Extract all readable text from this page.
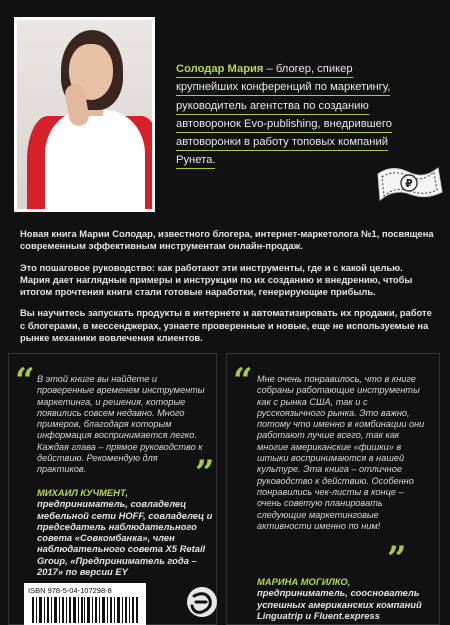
Солодар Мария – блогер, спикер
крупнейших конференций по маркетингу,
руководитель агентства по созданию
автоворонок Evo-publishing, внедрившего
автоворонки в работу топовых компаний
Рунета.
₽

Новая книга Марии Солодар, известного блогера, интернет-маркетолога №1, посвящена современным эффективным инструментам онлайн-продаж.

Это пошаговое руководство: как работают эти инструменты, где и с какой целью. Мария дает наглядные примеры и инструкции по их созданию и внедрению, чтобы итогом прочтения книги стали готовые наработки, генерирующие прибыль.

Вы научитесь запускать продукты в интернете и автоматизировать их продажи, работе с блогерами, в мессенджерах, узнаете проверенные и новые, еще не используемые на рынке механики вовлечения клиентов.

“ В этой книге вы найдете и проверенные временем инструменты маркетинга, и решения, которые появились совсем недавно. Много примеров, благодаря которым информация воспринимается легко. Каждая глава – прямое руководство к действию. Рекомендую для практиков.	”
МИХАИЛ КУЧМЕНТ,
предприниматель, совладелец мебельной сети HOFF, совладелец и председатель наблюдательного совета «Совкомбанка», член наблюдательного совета X5 Retail Group, «Предприниматель года – 2017» по версии EY
“ Мне очень понравилось, что в книге собраны работающие инструменты как с рынка США, так и с русскоязычного рынка. Это важно, потому что именно в комбинации они работают лучше всего, так как многие американские «фишки» в штыки воспринимаются в нашей культуре. Эта книга – отличное руководство к действию. Особенно понравились чек-листы в конце – очень советую планировать следующие маркетинговые активности именно по ним!
”
МАРИНА МОГИЛКО,
предприниматель, сооснователь успешных американских компаний Linguatrip и Fluent.express
ISBN 978-5-04-107298-8
